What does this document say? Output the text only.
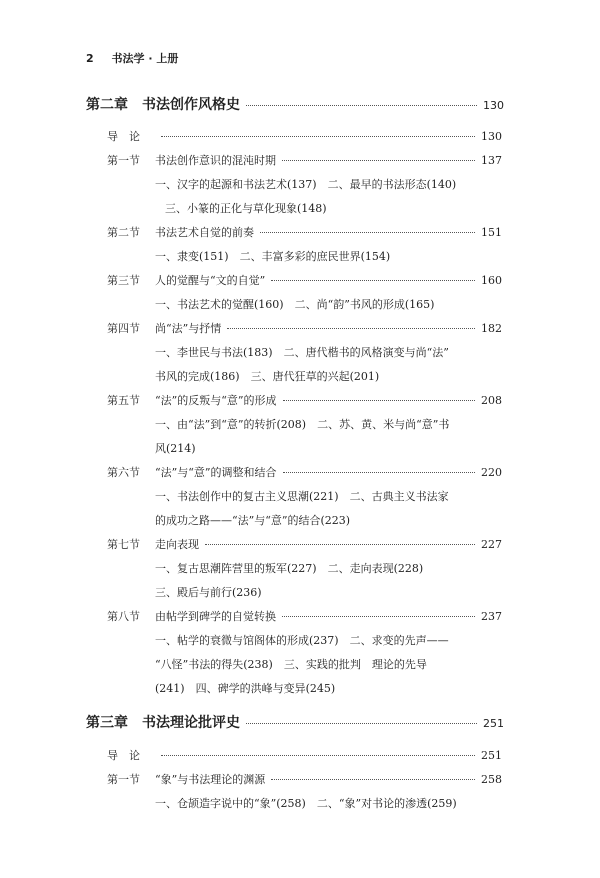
2 书法学 · 上册
第二章 书法创作风格史	130
导　论	130
第一节	书法创作意识的混沌时期	137
一、汉字的起源和书法艺术(137)　二、最早的书法形态(140)
三、小篆的正化与草化现象(148)
第二节	书法艺术自觉的前奏	151
一、隶变(151)　二、丰富多彩的庶民世界(154)
第三节	人的觉醒与“文的自觉”	160
一、书法艺术的觉醒(160)　二、尚“韵”书风的形成(165)
第四节	尚“法”与抒情	182
一、李世民与书法(183)　二、唐代楷书的风格演变与尚“法”
书风的完成(186)　三、唐代狂草的兴起(201)
第五节	“法”的反叛与“意”的形成	208
一、由“法”到“意”的转折(208)　二、苏、黄、米与尚“意”书
风(214)
第六节	“法”与“意”的调整和结合	220
一、书法创作中的复古主义思潮(221)　二、古典主义书法家
的成功之路——“法”与“意”的结合(223)
第七节	走向表现	227
一、复古思潮阵营里的叛军(227)　二、走向表现(228)
三、殿后与前行(236)
第八节	由帖学到碑学的自觉转换	237
一、帖学的衰微与馆阁体的形成(237)　二、求变的先声——
“八怪”书法的得失(238)　三、实践的批判　理论的先导
(241)　四、碑学的洪峰与变异(245)
第三章 书法理论批评史	251
导　论	251
第一节	“象”与书法理论的渊源	258
一、仓颉造字说中的“象”(258)　二、“象”对书论的渗透(259)
